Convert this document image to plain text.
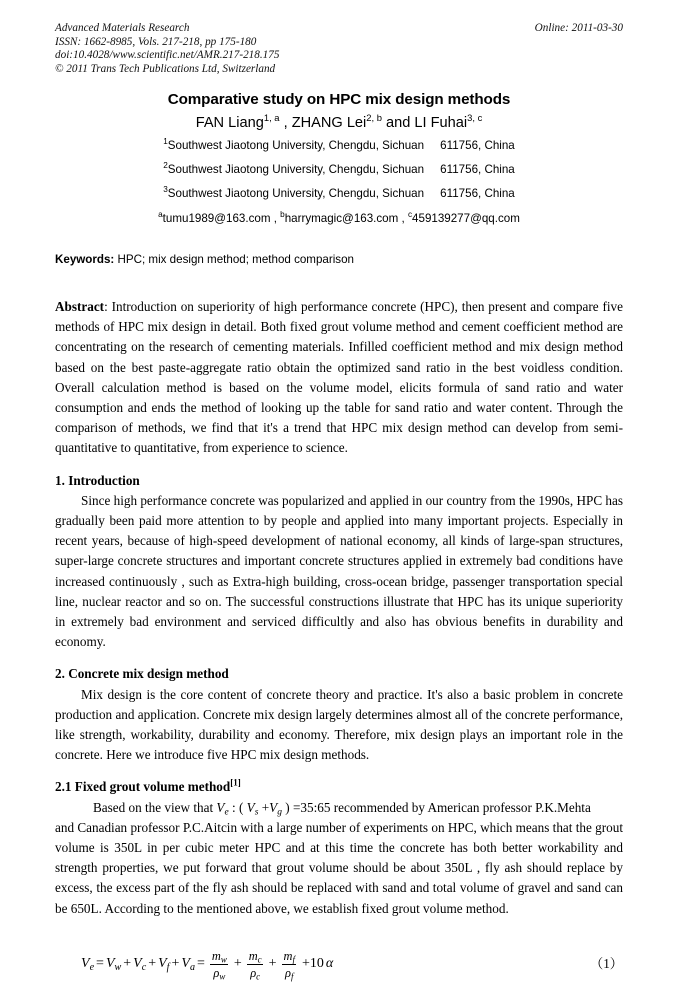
Advanced Materials Research
ISSN: 1662-8985, Vols. 217-218, pp 175-180
doi:10.4028/www.scientific.net/AMR.217-218.175
© 2011 Trans Tech Publications Ltd, Switzerland
Online: 2011-03-30
Comparative study on HPC mix design methods
FAN Liang$^{1, a}$ , ZHANG Lei$^{2, b}$ and LI Fuhai$^{3, c}$
$^1$Southwest Jiaotong University, Chengdu, Sichuan     611756, China
$^2$Southwest Jiaotong University, Chengdu, Sichuan     611756, China
$^3$Southwest Jiaotong University, Chengdu, Sichuan     611756, China
$^a$tumu1989@163.com , $^b$harrymagic@163.com , $^c$459139277@qq.com
Keywords: HPC; mix design method; method comparison
Abstract: Introduction on superiority of high performance concrete (HPC), then present and compare five methods of HPC mix design in detail. Both fixed grout volume method and cement coefficient method are concentrating on the research of cementing materials. Infilled coefficient method and mix design method based on the best paste-aggregate ratio obtain the optimized sand ratio in the best voidless condition. Overall calculation method is based on the volume model, elicits formula of sand ratio and water consumption and ends the method of looking up the table for sand ratio and water content. Through the comparison of methods, we find that it's a trend that HPC mix design method can develop from semi-quantitative to quantitative, from experience to science.
1. Introduction
Since high performance concrete was popularized and applied in our country from the 1990s, HPC has gradually been paid more attention to by people and applied into many important projects. Especially in recent years, because of high-speed development of national economy, all kinds of large-span structures, super-large concrete structures and important concrete structures applied in extremely bad conditions have increased continuously , such as Extra-high building, cross-ocean bridge, passenger transportation special line, nuclear reactor and so on. The successful constructions illustrate that HPC has its unique superiority in extremely bad environment and serviced difficultly and also has obvious benefits in durability and economy.
2. Concrete mix design method
Mix design is the core content of concrete theory and practice. It's also a basic problem in concrete production and application. Concrete mix design largely determines almost all of the concrete performance, like strength, workability, durability and economy. Therefore, mix design plays an important role in the concrete. Here we introduce five HPC mix design methods.
2.1 Fixed grout volume method[1]
Based on the view that $V_e$ : ( $V_s +V_g$ ) =35:65 recommended by American professor P.K.Mehta
and Canadian professor P.C.Aitcin with a large number of experiments on HPC, which means that the grout volume is 350L in per cubic meter HPC and at this time the concrete has both better workability and strength properties, we put forward that grout volume should be about 350L , fly ash should replace by excess, the excess part of the fly ash should be replaced with sand and total volume of gravel and sand can be 650L. According to the mentioned above, we establish fixed grout volume method.
$V_e = V_w + V_c + V_f + V_a = \frac{m_w}{\rho_w} + \frac{m_c}{\rho_c} + \frac{m_f}{\rho_f} +10$ α	（1）
